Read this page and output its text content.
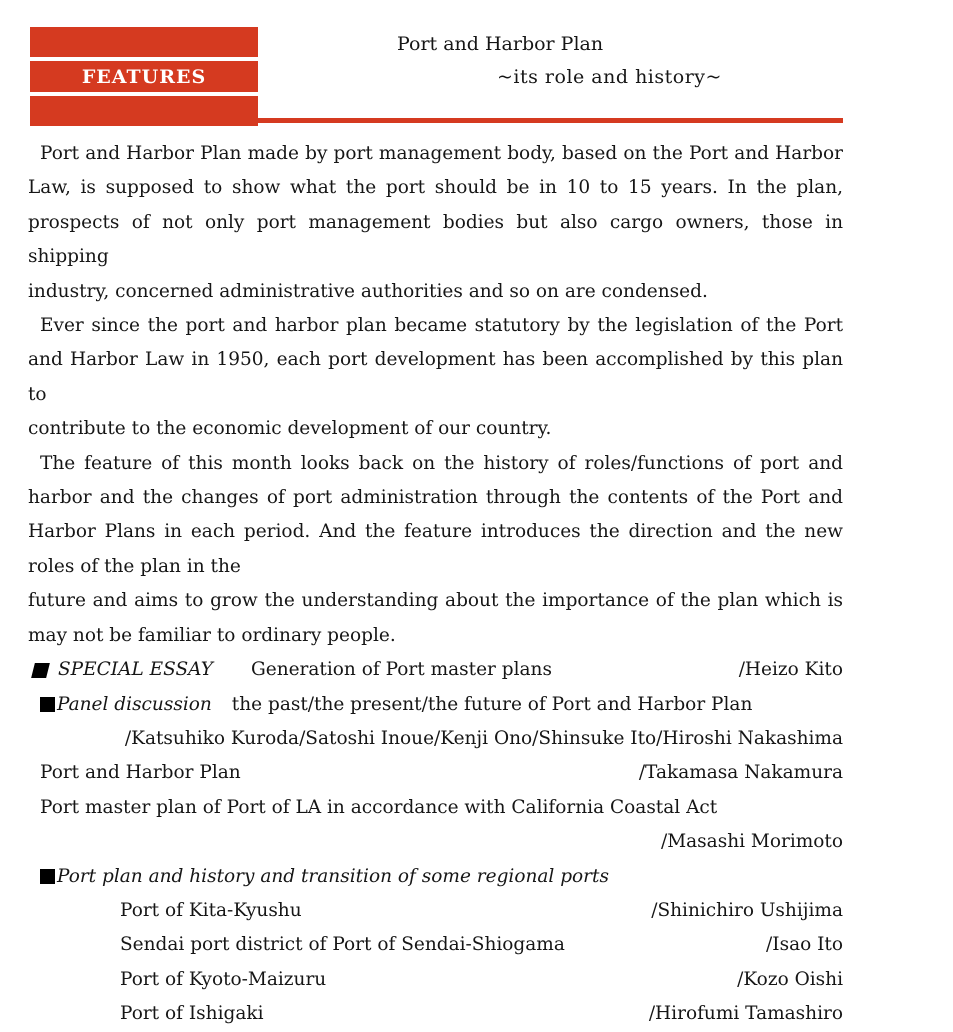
FEATURES
Port and Harbor Plan
~its role and history~
Port and Harbor Plan made by port management body, based on the Port and Harbor
Law, is supposed to show what the port should be in 10 to 15 years. In the plan,
prospects of not only port management bodies but also cargo owners, those in shipping
industry, concerned administrative authorities and so on are condensed.
Ever since the port and harbor plan became statutory by the legislation of the Port
and Harbor Law in 1950, each port development has been accomplished by this plan to
contribute to the economic development of our country.
The feature of this month looks back on the history of roles/functions of port and
harbor and the changes of port administration through the contents of the Port and
Harbor Plans in each period. And the feature introduces the direction and the new
roles of the plan in the
future and aims to grow the understanding about the importance of the plan which is
may not be familiar to ordinary people.
SPECIAL ESSAY Generation of Port master plans	/Heizo Kito
Panel discussion the past/the present/the future of Port and Harbor Plan
/Katsuhiko Kuroda/Satoshi Inoue/Kenji Ono/Shinsuke Ito/Hiroshi Nakashima
Port and Harbor Plan	/Takamasa Nakamura
Port master plan of Port of LA in accordance with California Coastal Act
/Masashi Morimoto
Port plan and history and transition of some regional ports
Port of Kita-Kyushu	/Shinichiro Ushijima
Sendai port district of Port of Sendai-Shiogama	/Isao Ito
Port of Kyoto-Maizuru	/Kozo Oishi
Port of Ishigaki	/Hirofumi Tamashiro
